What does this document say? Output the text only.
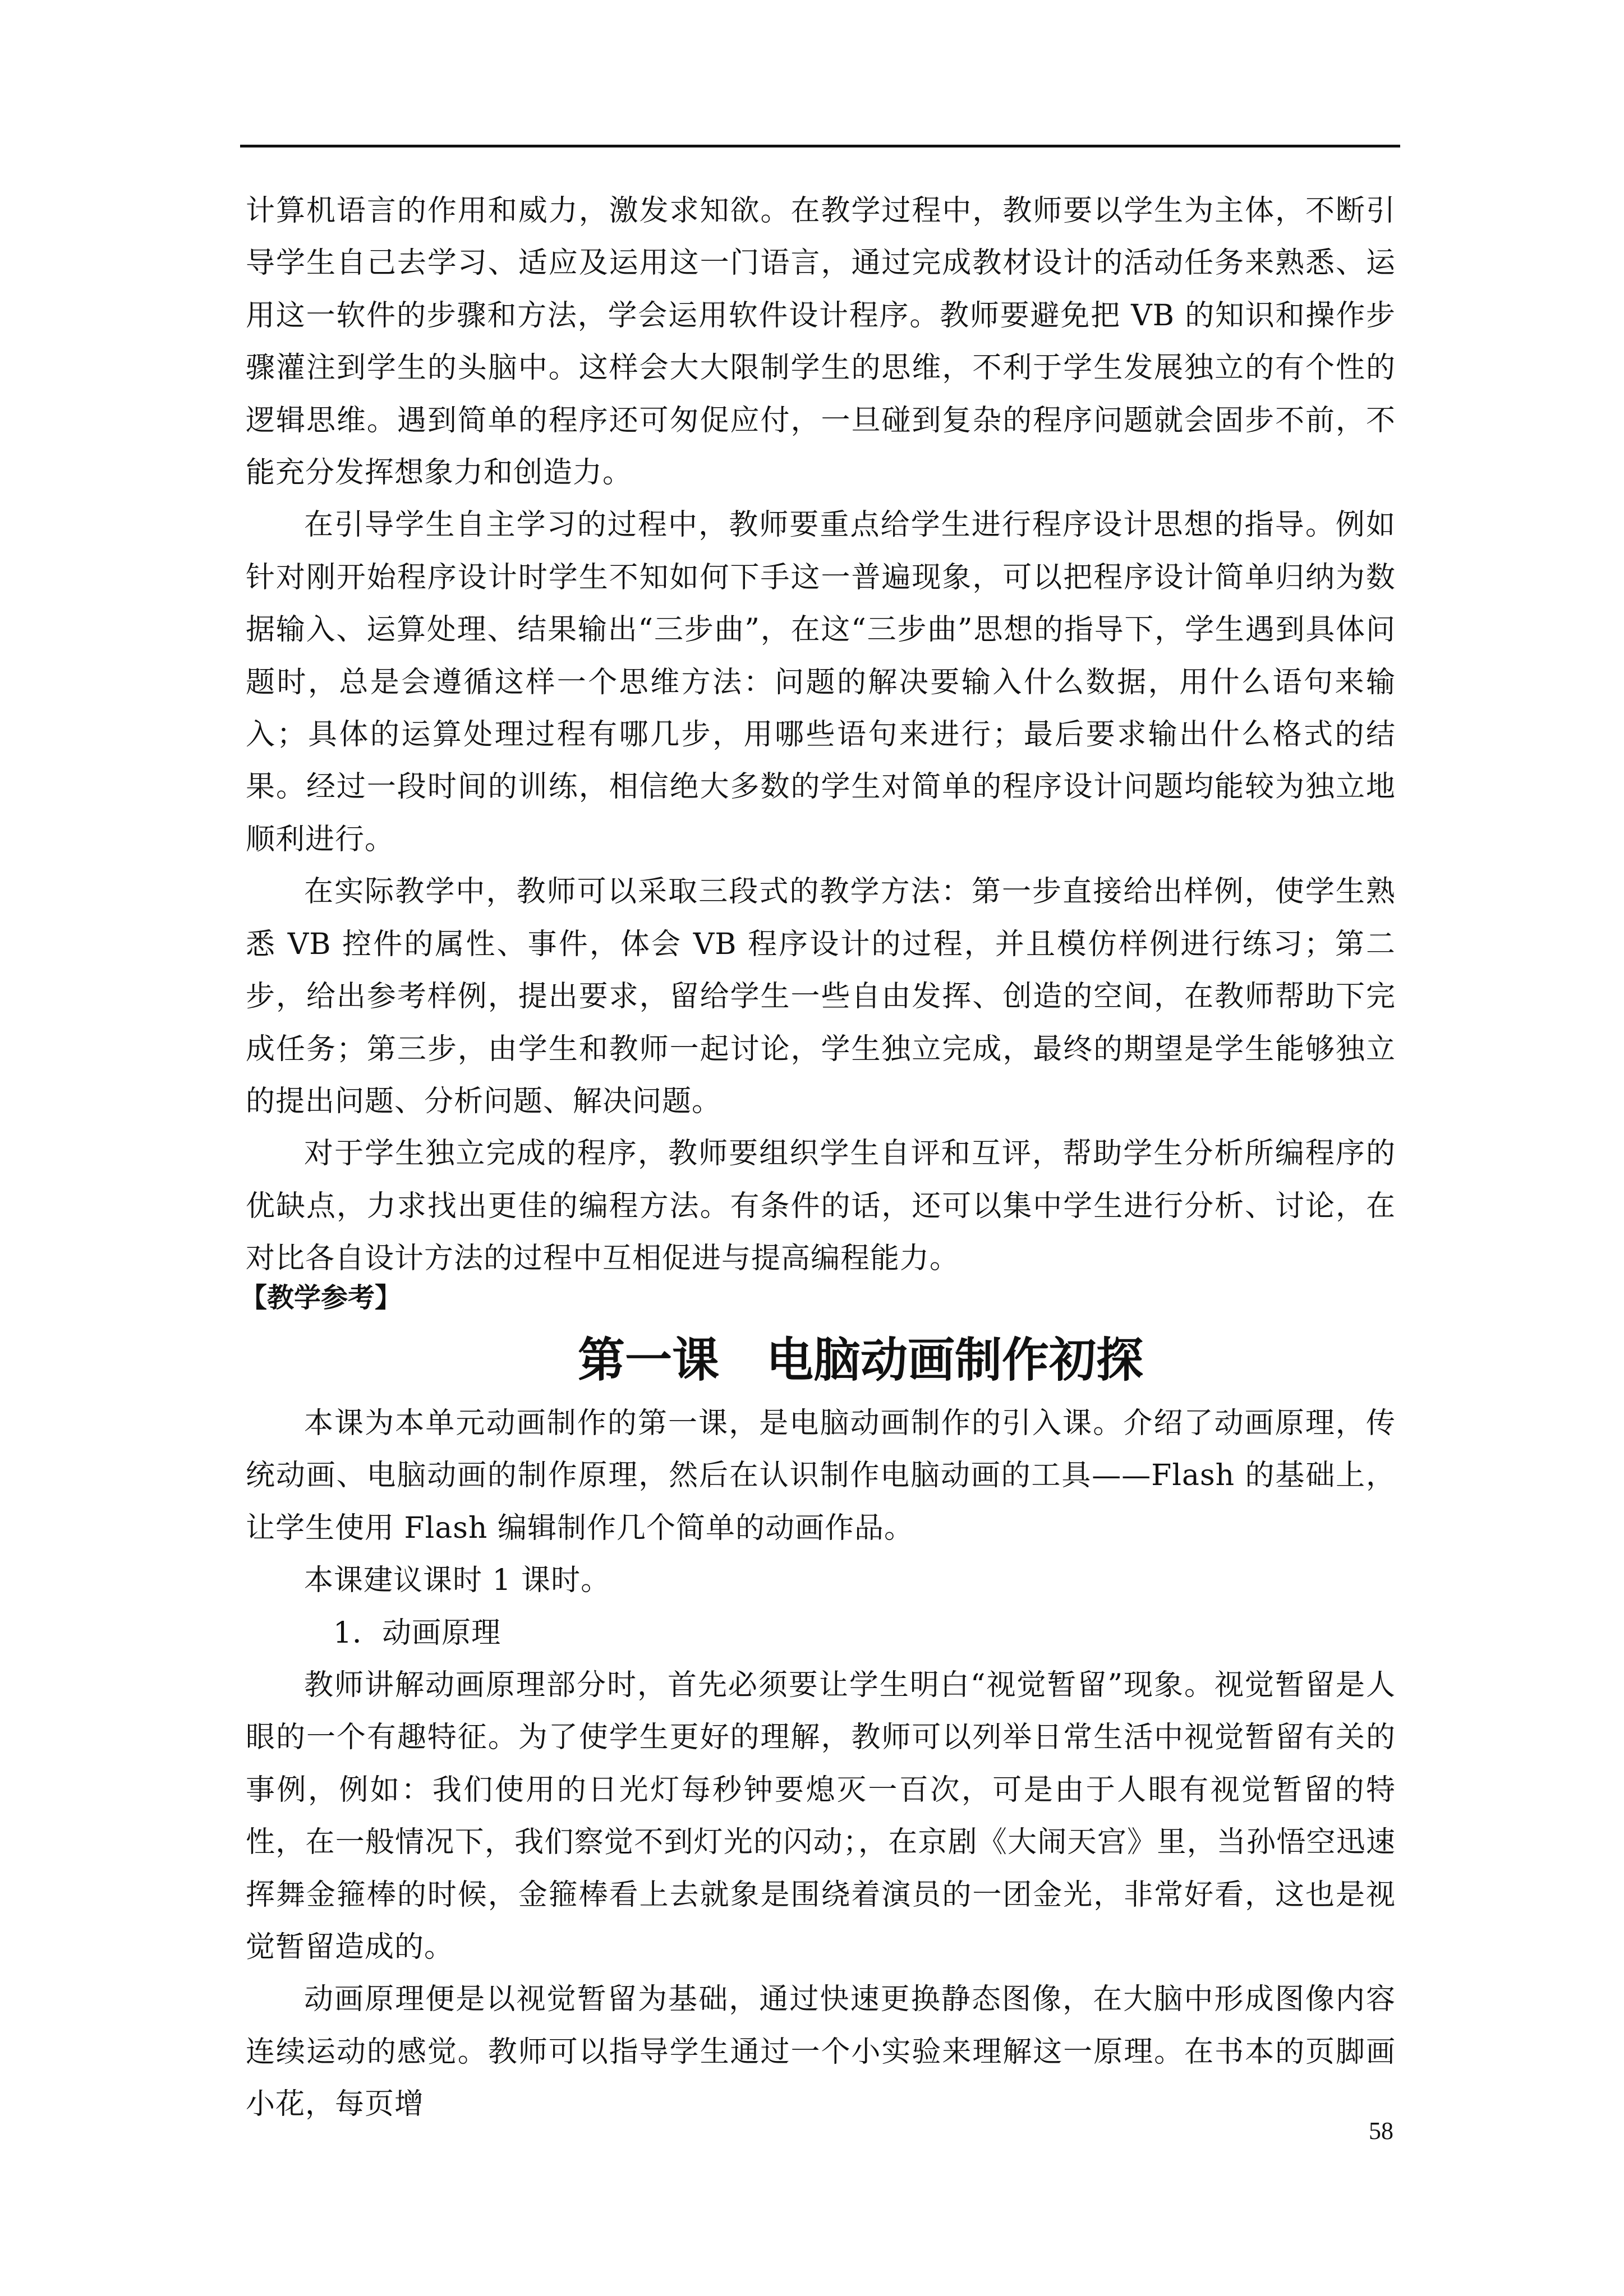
计算机语言的作用和威力，激发求知欲。在教学过程中，教师要以学生为主体，不断引导学生自己去学习、适应及运用这一门语言，通过完成教材设计的活动任务来熟悉、运用这一软件的步骤和方法，学会运用软件设计程序。教师要避免把 VB 的知识和操作步骤灌注到学生的头脑中。这样会大大限制学生的思维，不利于学生发展独立的有个性的逻辑思维。遇到简单的程序还可匆促应付，一旦碰到复杂的程序问题就会固步不前，不能充分发挥想象力和创造力。

在引导学生自主学习的过程中，教师要重点给学生进行程序设计思想的指导。例如针对刚开始程序设计时学生不知如何下手这一普遍现象，可以把程序设计简单归纳为数据输入、运算处理、结果输出“三步曲”，在这“三步曲”思想的指导下，学生遇到具体问题时，总是会遵循这样一个思维方法：问题的解决要输入什么数据，用什么语句来输入；具体的运算处理过程有哪几步，用哪些语句来进行；最后要求输出什么格式的结果。经过一段时间的训练，相信绝大多数的学生对简单的程序设计问题均能较为独立地顺利进行。

在实际教学中，教师可以采取三段式的教学方法：第一步直接给出样例，使学生熟悉 VB 控件的属性、事件，体会 VB 程序设计的过程，并且模仿样例进行练习；第二步，给出参考样例，提出要求，留给学生一些自由发挥、创造的空间，在教师帮助下完成任务；第三步，由学生和教师一起讨论，学生独立完成，最终的期望是学生能够独立的提出问题、分析问题、解决问题。

对于学生独立完成的程序，教师要组织学生自评和互评，帮助学生分析所编程序的优缺点，力求找出更佳的编程方法。有条件的话，还可以集中学生进行分析、讨论，在对比各自设计方法的过程中互相促进与提高编程能力。

【教学参考】
第一课　电脑动画制作初探

本课为本单元动画制作的第一课，是电脑动画制作的引入课。介绍了动画原理，传统动画、电脑动画的制作原理，然后在认识制作电脑动画的工具——Flash 的基础上，让学生使用 Flash 编辑制作几个简单的动画作品。

本课建议课时 1 课时。

1．动画原理

教师讲解动画原理部分时，首先必须要让学生明白“视觉暂留”现象。视觉暂留是人眼的一个有趣特征。为了使学生更好的理解，教师可以列举日常生活中视觉暂留有关的事例，例如：我们使用的日光灯每秒钟要熄灭一百次，可是由于人眼有视觉暂留的特性，在一般情况下，我们察觉不到灯光的闪动；，在京剧《大闹天宫》里，当孙悟空迅速挥舞金箍棒的时候，金箍棒看上去就象是围绕着演员的一团金光，非常好看，这也是视觉暂留造成的。

动画原理便是以视觉暂留为基础，通过快速更换静态图像，在大脑中形成图像内容连续运动的感觉。教师可以指导学生通过一个小实验来理解这一原理。在书本的页脚画小花，每页增

58
